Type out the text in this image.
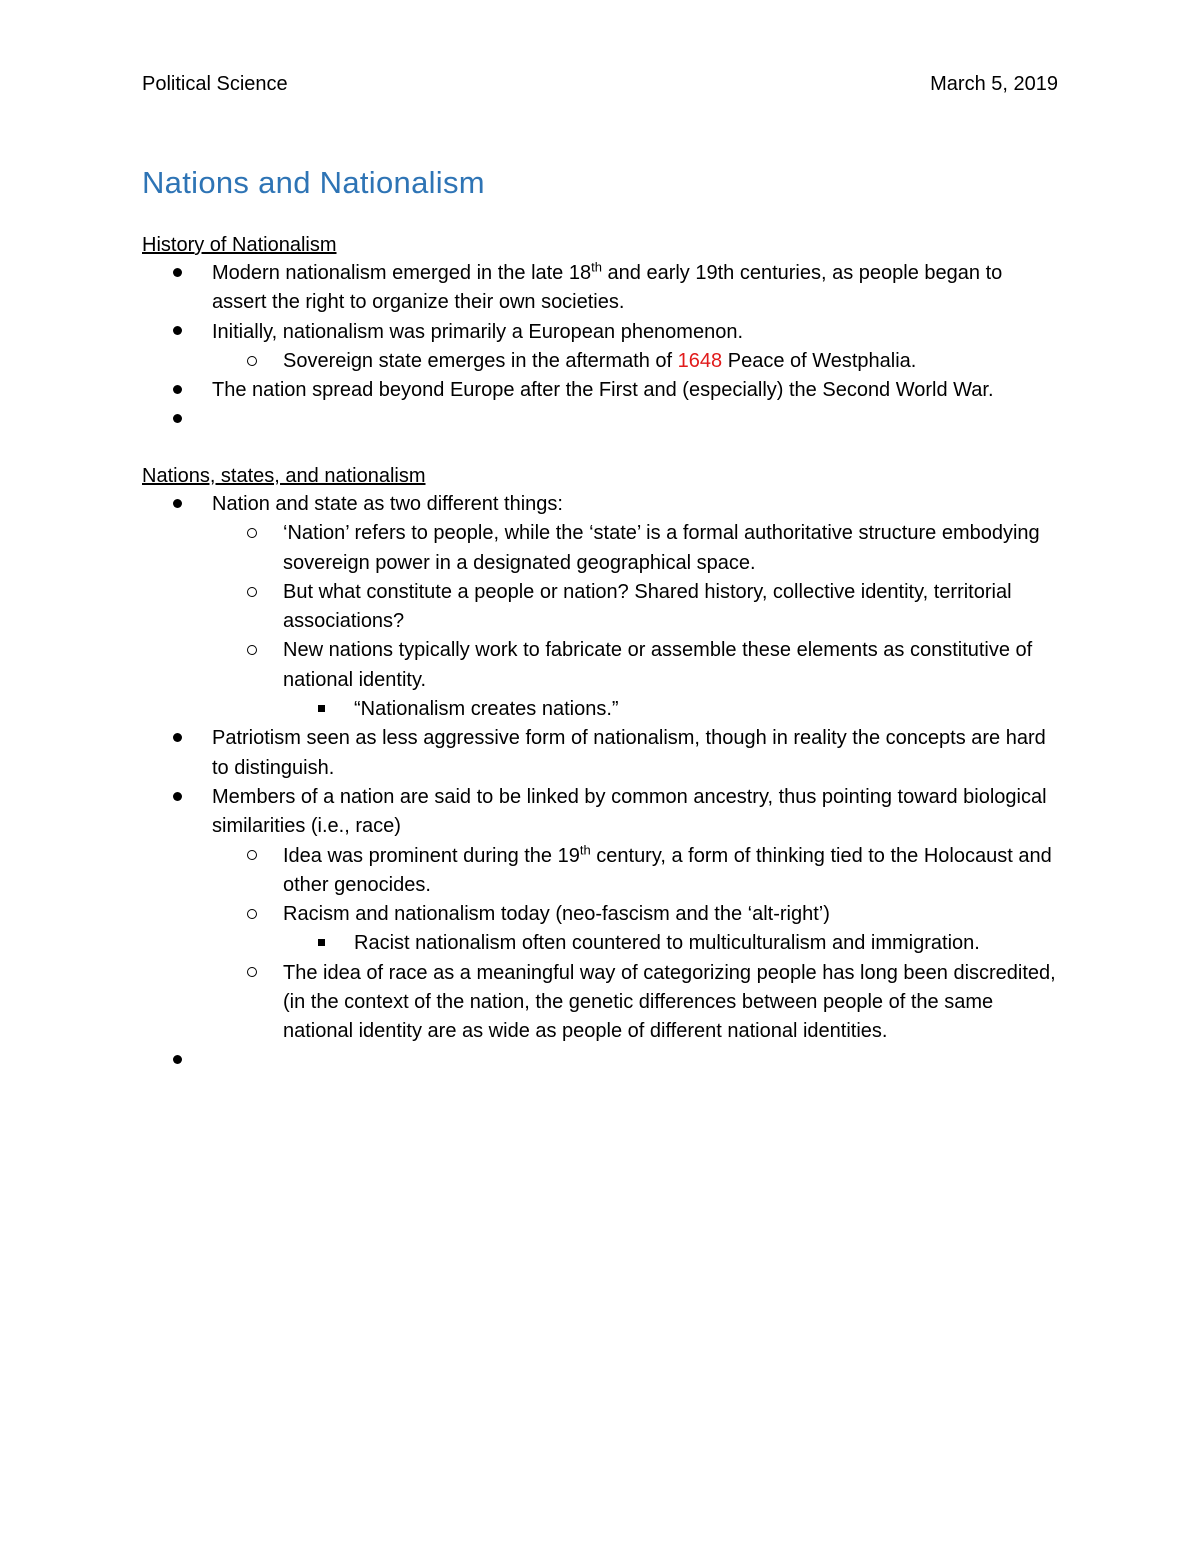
Political Science	March 5, 2019
Nations and Nationalism
History of Nationalism
Modern nationalism emerged in the late 18th and early 19th centuries, as people began to assert the right to organize their own societies.
Initially, nationalism was primarily a European phenomenon.
Sovereign state emerges in the aftermath of 1648 Peace of Westphalia.
The nation spread beyond Europe after the First and (especially) the Second World War.

Nations, states, and nationalism
Nation and state as two different things:
‘Nation’ refers to people, while the ‘state’ is a formal authoritative structure embodying sovereign power in a designated geographical space.
But what constitute a people or nation? Shared history, collective identity, territorial associations?
New nations typically work to fabricate or assemble these elements as constitutive of national identity.
“Nationalism creates nations.”
Patriotism seen as less aggressive form of nationalism, though in reality the concepts are hard to distinguish.
Members of a nation are said to be linked by common ancestry, thus pointing toward biological similarities (i.e., race)
Idea was prominent during the 19th century, a form of thinking tied to the Holocaust and other genocides.
Racism and nationalism today (neo-fascism and the ‘alt-right’)
Racist nationalism often countered to multiculturalism and immigration.
The idea of race as a meaningful way of categorizing people has long been discredited, (in the context of the nation, the genetic differences between people of the same national identity are as wide as people of different national identities.
